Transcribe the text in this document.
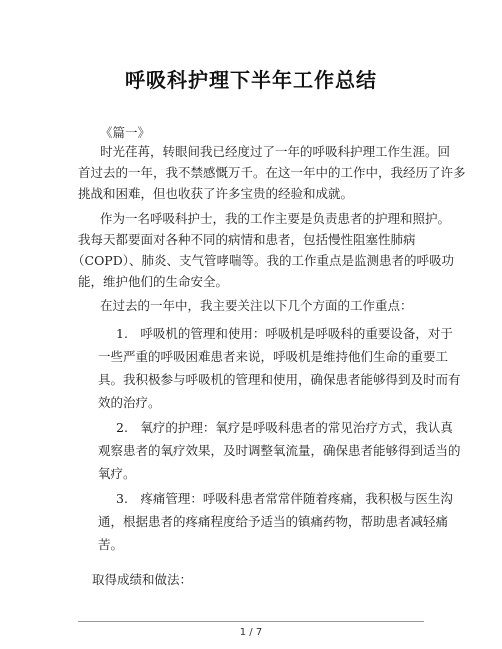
呼吸科护理下半年工作总结
《篇一》
时光荏苒，转眼间我已经度过了一年的呼吸科护理工作生涯。回
首过去的一年，我不禁感慨万千。在这一年中的工作中，我经历了许多
挑战和困难，但也收获了许多宝贵的经验和成就。
作为一名呼吸科护士，我的工作主要是负责患者的护理和照护。
我每天都要面对各种不同的病情和患者，包括慢性阻塞性肺病
（COPD）、肺炎、支气管哮喘等。我的工作重点是监测患者的呼吸功
能，维护他们的生命安全。
在过去的一年中，我主要关注以下几个方面的工作重点：
1.　呼吸机的管理和使用：呼吸机是呼吸科的重要设备，对于
一些严重的呼吸困难患者来说，呼吸机是维持他们生命的重要工
具。我积极参与呼吸机的管理和使用，确保患者能够得到及时而有
效的治疗。
2.　氧疗的护理：氧疗是呼吸科患者的常见治疗方式，我认真
观察患者的氧疗效果，及时调整氧流量，确保患者能够得到适当的
氧疗。
3.　疼痛管理：呼吸科患者常常伴随着疼痛，我积极与医生沟
通，根据患者的疼痛程度给予适当的镇痛药物，帮助患者减轻痛
苦。
取得成绩和做法：
1 / 7
